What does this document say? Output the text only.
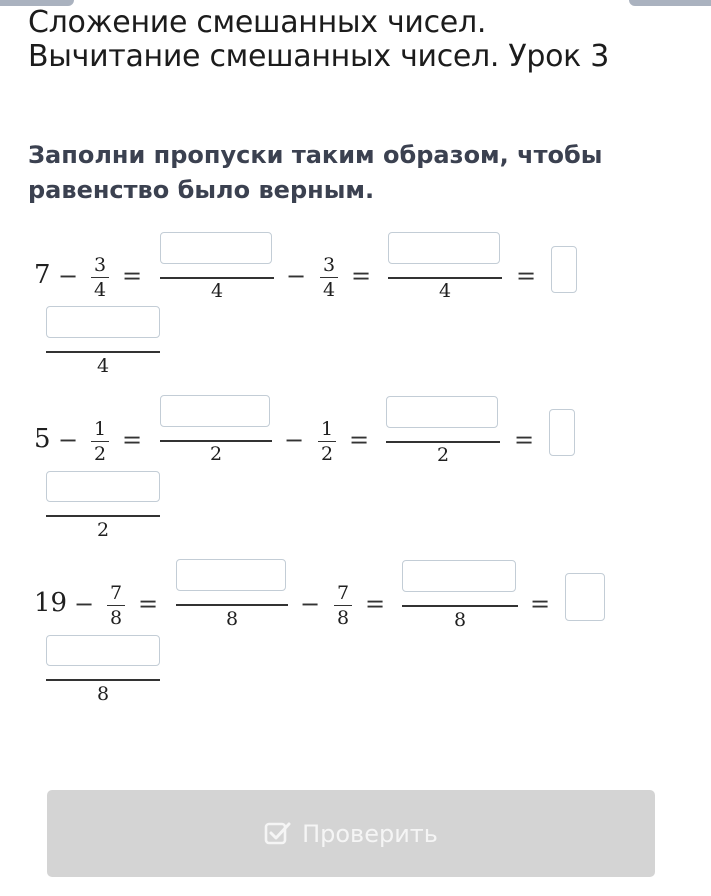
Сложение смешанных чисел.
Вычитание смешанных чисел. Урок 3
Заполни пропуски таким образом, чтобы равенство было верным.
7 − 3
4 =
4
− 3
4 =
4
=
4
5 − 1
2 =	2	− 1
2 =
2
=
2
19 − 7
8 =
8
− 7
8 =
8
=
8
Проверить
